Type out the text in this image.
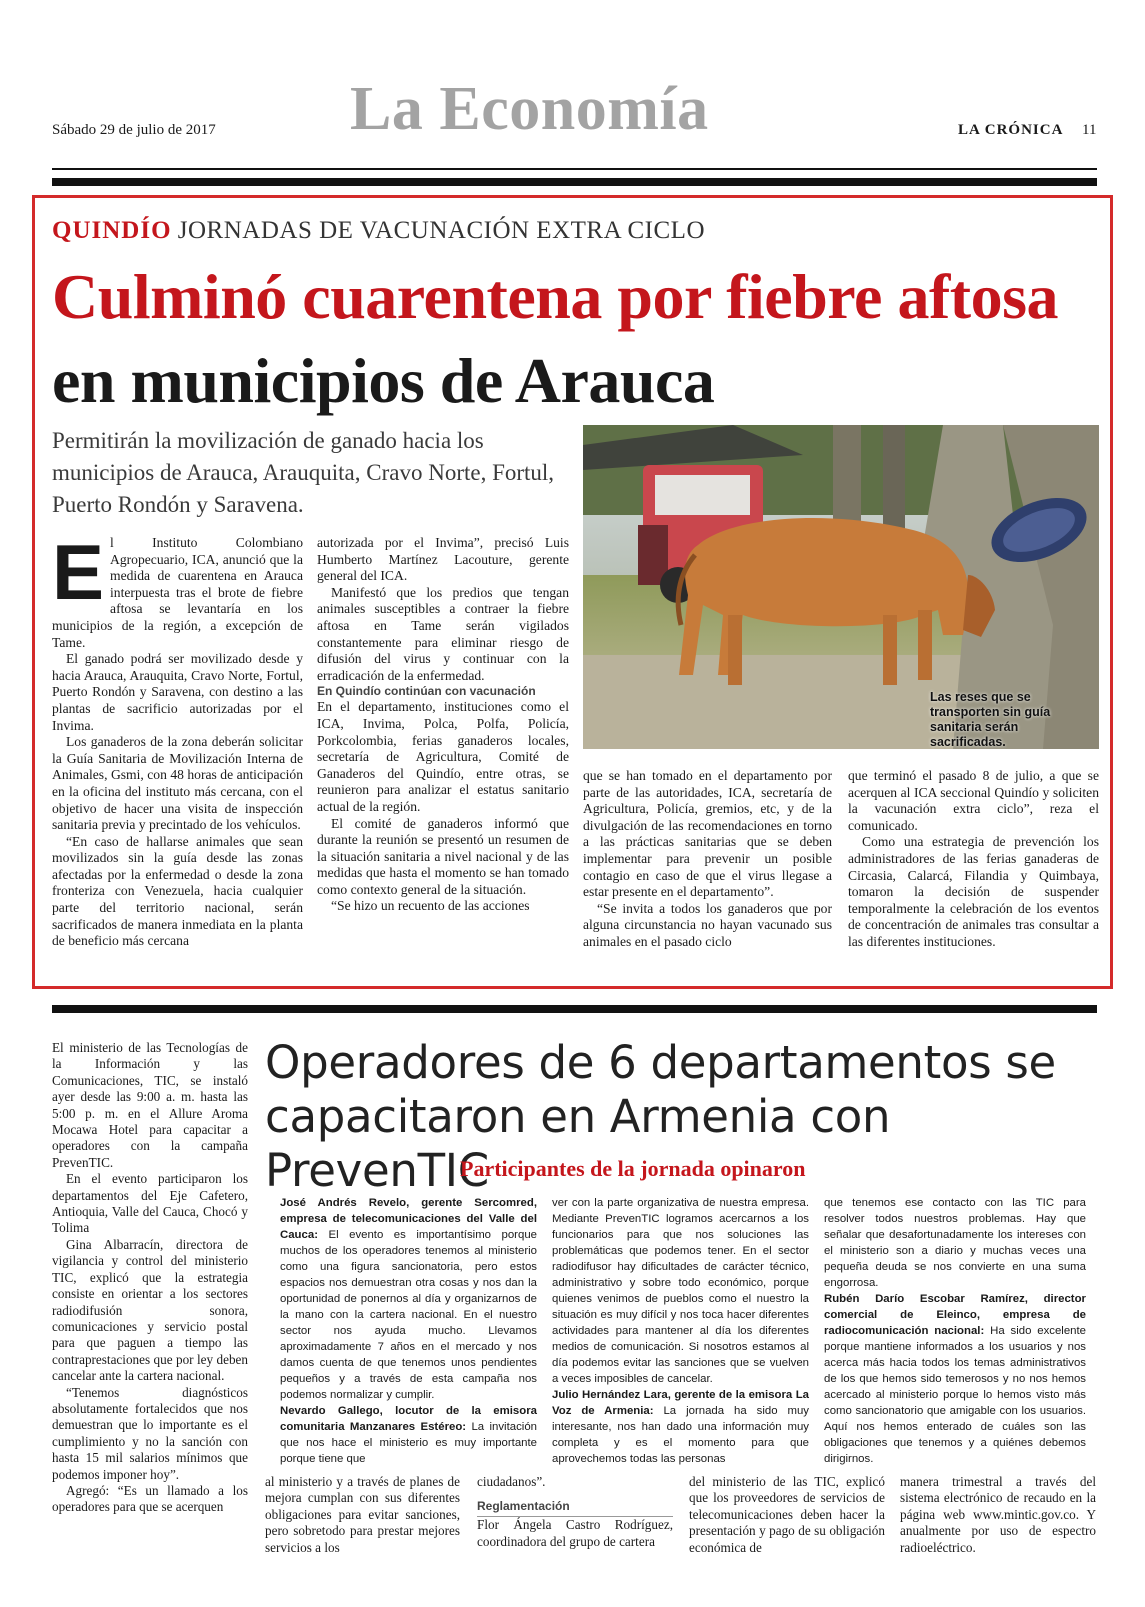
Sábado 29 de julio de 2017 La Economía	LA CRÓNICA 11
QUINDÍO JORNADAS DE VACUNACIÓN EXTRA CICLO
Culminó cuarentena por fiebre aftosa en municipios de Arauca
Permitirán la movilización de ganado hacia los municipios de Arauca, Arauquita, Cravo Norte, Fortul, Puerto Rondón y Saravena.

El Instituto Colombiano Agropecuario, ICA, anunció que la medida de cuarentena en Arauca interpuesta tras el brote de fiebre aftosa se levantaría en los municipios de la región, a excepción de Tame.

El ganado podrá ser movilizado desde y hacia Arauca, Arauquita, Cravo Norte, Fortul, Puerto Rondón y Saravena, con destino a las plantas de sacrificio autorizadas por el Invima.

Los ganaderos de la zona deberán solicitar la Guía Sanitaria de Movilización Interna de Animales, Gsmi, con 48 horas de anticipación en la oficina del instituto más cercana, con el objetivo de hacer una visita de inspección sanitaria previa y precintado de los vehículos.

“En caso de hallarse animales que sean movilizados sin la guía desde las zonas afectadas por la enfermedad o desde la zona fronteriza con Venezuela, hacia cualquier parte del territorio nacional, serán sacrificados de manera inmediata en la planta de beneficio más cercana

autorizada por el Invima”, precisó Luis Humberto Martínez Lacouture, gerente general del ICA.

Manifestó que los predios que tengan animales susceptibles a contraer la fiebre aftosa en Tame serán vigilados constantemente para eliminar riesgo de difusión del virus y continuar con la erradicación de la enfermedad.

En Quindío continúan con vacunación

En el departamento, instituciones como el ICA, Invima, Polca, Polfa, Policía, Porkcolombia, ferias ganaderos locales, secretaría de Agricultura, Comité de Ganaderos del Quindío, entre otras, se reunieron para analizar el estatus sanitario actual de la región.

El comité de ganaderos informó que durante la reunión se presentó un resumen de la situación sanitaria a nivel nacional y de las medidas que hasta el momento se han tomado como contexto general de la situación.

“Se hizo un recuento de las acciones

que se han tomado en el departamento por parte de las autoridades, ICA, secretaría de Agricultura, Policía, gremios, etc, y de la divulgación de las recomendaciones en torno a las prácticas sanitarias que se deben implementar para prevenir un posible contagio en caso de que el virus llegase a estar presente en el departamento”.

“Se invita a todos los ganaderos que por alguna circunstancia no hayan vacunado sus animales en el pasado ciclo

que terminó el pasado 8 de julio, a que se acerquen al ICA seccional Quindío y soliciten la vacunación extra ciclo”, reza el comunicado.

Como una estrategia de prevención los administradores de las ferias ganaderas de Circasia, Calarcá, Filandia y Quimbaya, tomaron la decisión de suspender temporalmente la celebración de los eventos de concentración de animales tras consultar a las diferentes instituciones.

Las reses que se transporten sin guía sanitaria serán sacrificadas.

El ministerio de las Tecnologías de la Información y las Comunicaciones, TIC, se instaló ayer desde las 9:00 a. m. hasta las 5:00 p. m. en el Allure Aroma Mocawa Hotel para capacitar a operadores con la campaña PrevenTIC.

En el evento participaron los departamentos del Eje Cafetero, Antioquia, Valle del Cauca, Chocó y Tolima

Gina Albarracín, directora de vigilancia y control del ministerio TIC, explicó que la estrategia consiste en orientar a los sectores radiodifusión sonora, comunicaciones y servicio postal para que paguen a tiempo las contraprestaciones que por ley deben cancelar ante la cartera nacional.

“Tenemos diagnósticos absolutamente fortalecidos que nos demuestran que lo importante es el cumplimiento y no la sanción con hasta 15 mil salarios mínimos que podemos imponer hoy”.

Agregó: “Es un llamado a los operadores para que se acerquen

Operadores de 6 departamentos se capacitaron en Armenia con PrevenTIC
Participantes de la jornada opinaron

José Andrés Revelo, gerente Sercomred, empresa de telecomunicaciones del Valle del Cauca: El evento es importantísimo porque muchos de los operadores tenemos al ministerio como una figura sancionatoria, pero estos espacios nos demuestran otra cosas y nos dan la oportunidad de ponernos al día y organizarnos de la mano con la cartera nacional. En el nuestro sector nos ayuda mucho. Llevamos aproximadamente 7 años en el mercado y nos damos cuenta de que tenemos unos pendientes pequeños y a través de esta campaña nos podemos normalizar y cumplir.

Nevardo Gallego, locutor de la emisora comunitaria Manzanares Estéreo: La invitación que nos hace el ministerio es muy importante porque tiene que

ver con la parte organizativa de nuestra empresa. Mediante PrevenTIC logramos acercarnos a los funcionarios para que nos soluciones las problemáticas que podemos tener. En el sector radiodifusor hay dificultades de carácter técnico, administrativo y sobre todo económico, porque quienes venimos de pueblos como el nuestro la situación es muy difícil y nos toca hacer diferentes actividades para mantener al día los diferentes medios de comunicación. Si nosotros estamos al día podemos evitar las sanciones que se vuelven a veces imposibles de cancelar.

Julio Hernández Lara, gerente de la emisora La Voz de Armenia: La jornada ha sido muy interesante, nos han dado una información muy completa y es el momento para que aprovechemos todas las personas

que tenemos ese contacto con las TIC para resolver todos nuestros problemas. Hay que señalar que desafortunadamente los intereses con el ministerio son a diario y muchas veces una pequeña deuda se nos convierte en una suma engorrosa.

Rubén Darío Escobar Ramírez, director comercial de Eleinco, empresa de radiocomunicación nacional: Ha sido excelente porque mantiene informados a los usuarios y nos acerca más hacia todos los temas administrativos de los que hemos sido temerosos y no nos hemos acercado al ministerio porque lo hemos visto más como sancionatorio que amigable con los usuarios. Aquí nos hemos enterado de cuáles son las obligaciones que tenemos y a quiénes debemos dirigirnos.

al ministerio y a través de planes de mejora cumplan con sus diferentes obligaciones para evitar sanciones, pero sobretodo para prestar mejores servicios a los

ciudadanos”.

Reglamentación

Flor Ángela Castro Rodríguez, coordinadora del grupo de cartera

del ministerio de las TIC, explicó que los proveedores de servicios de telecomunicaciones deben hacer la presentación y pago de su obligación económica de

manera trimestral a través del sistema electrónico de recaudo en la página web www.mintic.gov.co. Y anualmente por uso de espectro radioeléctrico.
